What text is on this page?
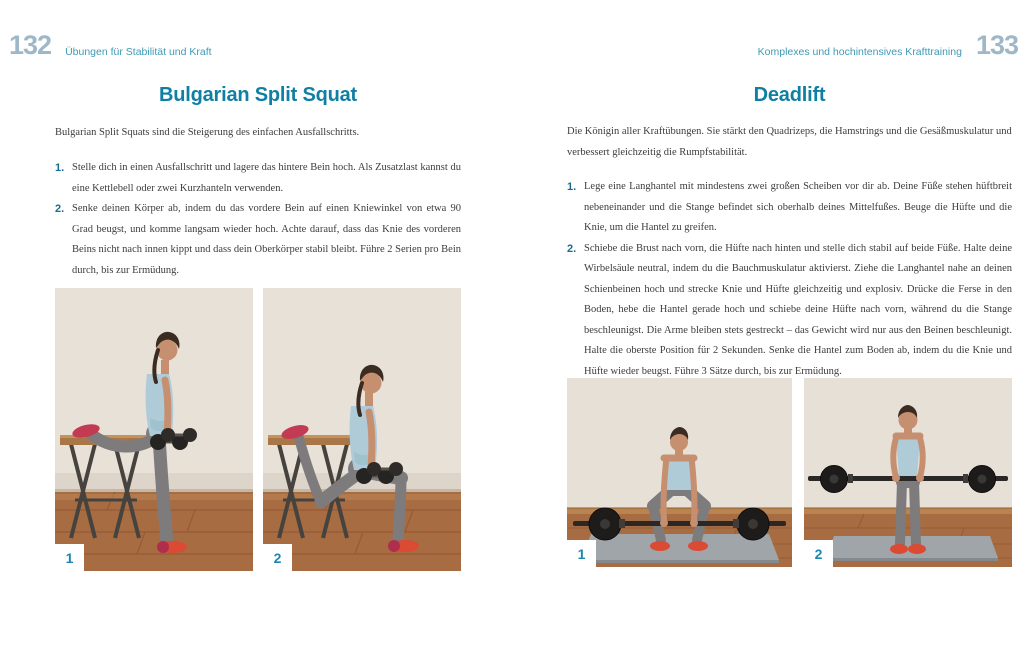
132 Übungen für Stabilität und Kraft	Komplexes und hochintensives Krafttraining 133
Bulgarian Split Squat
Bulgarian Split Squats sind die Steigerung des einfachen Ausfallschritts.
1. Stelle dich in einen Ausfallschritt und lagere das hintere Bein hoch. Als Zusatzlast kannst du eine Kettlebell oder zwei Kurzhanteln verwenden.
2. Senke deinen Körper ab, indem du das vordere Bein auf einen Kniewinkel von etwa 90 Grad beugst, und komme langsam wieder hoch. Achte darauf, dass das Knie des vorderen Beins nicht nach innen kippt und dass dein Oberkörper stabil bleibt. Führe 2 Serien pro Bein durch, bis zur Ermüdung.
1	2
Deadlift
Die Königin aller Kraftübungen. Sie stärkt den Quadrizeps, die Hamstrings und die Gesäßmuskulatur und verbessert gleichzeitig die Rumpfstabilität.
1. Lege eine Langhantel mit mindestens zwei großen Scheiben vor dir ab. Deine Füße stehen hüftbreit nebeneinander und die Stange befindet sich oberhalb deines Mittelfußes. Beuge die Hüfte und die Knie, um die Hantel zu greifen.
2. Schiebe die Brust nach vorn, die Hüfte nach hinten und stelle dich stabil auf beide Füße. Halte deine Wirbelsäule neutral, indem du die Bauchmuskulatur aktivierst. Ziehe die Langhantel nahe an deinen Schienbeinen hoch und strecke Knie und Hüfte gleichzeitig und explosiv. Drücke die Ferse in den Boden, hebe die Hantel gerade hoch und schiebe deine Hüfte nach vorn, während du die Stange beschleunigst. Die Arme bleiben stets gestreckt – das Gewicht wird nur aus den Beinen beschleunigt. Halte die oberste Position für 2 Sekunden. Senke die Hantel zum Boden ab, indem du die Knie und Hüfte wieder beugst. Führe 3 Sätze durch, bis zur Ermüdung.
1	2
